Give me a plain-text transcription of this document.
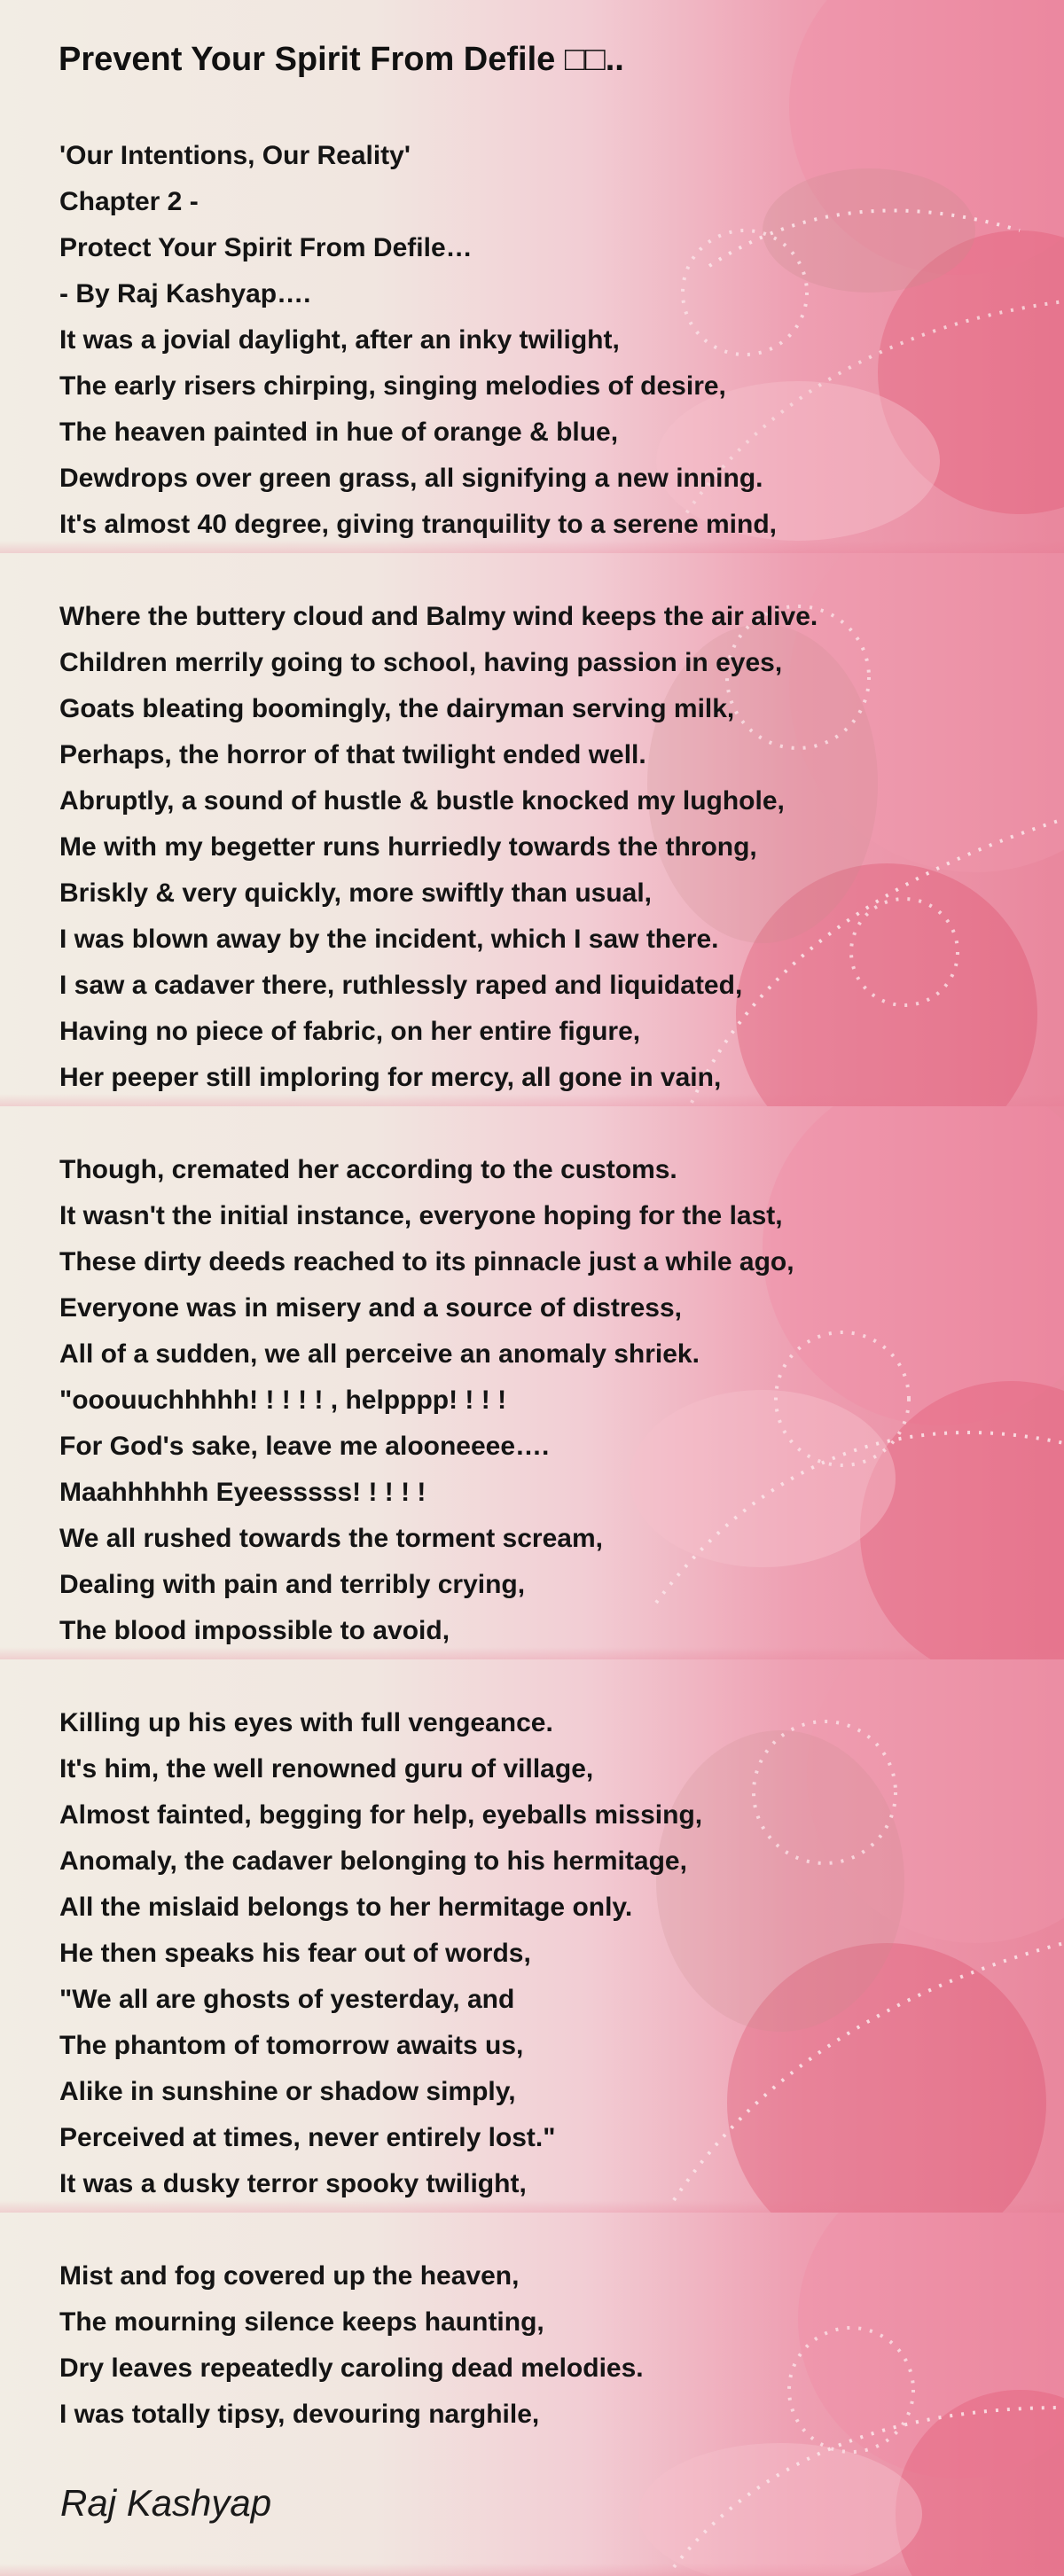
Prevent Your Spirit From Defile □□..
'Our Intentions, Our Reality'
Chapter 2 -
Protect Your Spirit From Defile…
- By Raj Kashyap….
It was a jovial daylight, after an inky twilight,
The early risers chirping, singing melodies of desire,
The heaven painted in hue of orange & blue,
Dewdrops over green grass, all signifying a new inning.
It's almost 40 degree, giving tranquility to a serene mind,
Where the buttery cloud and Balmy wind keeps the air alive.
Children merrily going to school, having passion in eyes,
Goats bleating boomingly, the dairyman serving milk,
Perhaps, the horror of that twilight ended well.
Abruptly, a sound of hustle & bustle knocked my lughole,
Me with my begetter runs hurriedly towards the throng,
Briskly & very quickly, more swiftly than usual,
I was blown away by the incident, which I saw there.
I saw a cadaver there, ruthlessly raped and liquidated,
Having no piece of fabric, on her entire figure,
Her peeper still imploring for mercy, all gone in vain,
Though, cremated her according to the customs.
It wasn't the initial instance, everyone hoping for the last,
These dirty deeds reached to its pinnacle just a while ago,
Everyone was in misery and a source of distress,
All of a sudden, we all perceive an anomaly shriek.
"ooouuchhhhh! ! ! ! ! , helpppp! ! ! !
For God's sake, leave me alooneeee….
Maahhhhhh Eyeesssss! ! ! ! !
We all rushed towards the torment scream,
Dealing with pain and terribly crying,
The blood impossible to avoid,
Killing up his eyes with full vengeance.
It's him, the well renowned guru of village,
Almost fainted, begging for help, eyeballs missing,
Anomaly, the cadaver belonging to his hermitage,
All the mislaid belongs to her hermitage only.
He then speaks his fear out of words,
"We all are ghosts of yesterday, and
The phantom of tomorrow awaits us,
Alike in sunshine or shadow simply,
Perceived at times, never entirely lost."
It was a dusky terror spooky twilight,
Mist and fog covered up the heaven,
The mourning silence keeps haunting,
Dry leaves repeatedly caroling dead melodies.
I was totally tipsy, devouring narghile,
Raj Kashyap
